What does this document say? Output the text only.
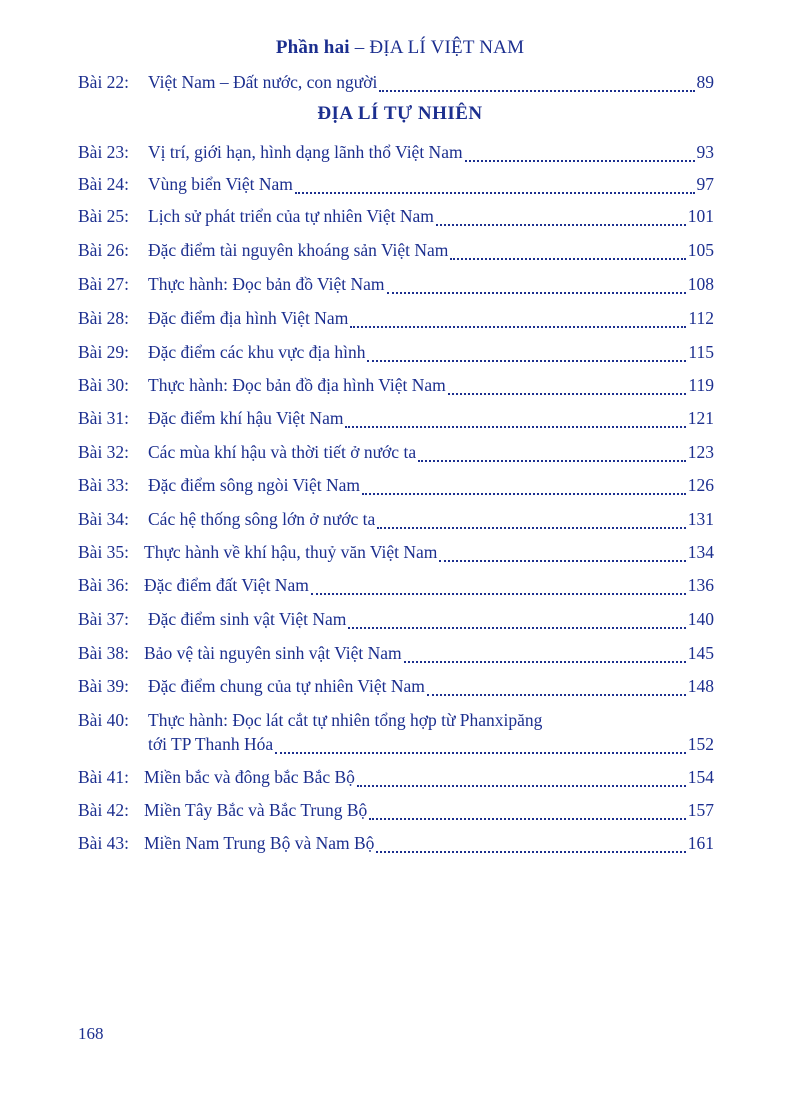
Phần hai – ĐỊA LÍ VIỆT NAM
Bài 22:	Việt Nam – Đất nước, con người	89
ĐỊA LÍ TỰ NHIÊN
Bài 23:	Vị trí, giới hạn, hình dạng lãnh thổ Việt Nam	93
Bài 24:	Vùng biển Việt Nam	97
Bài 25:	Lịch sử phát triển của tự nhiên Việt Nam	101
Bài 26:	Đặc điểm tài nguyên khoáng sản Việt Nam	105
Bài 27:	Thực hành: Đọc bản đồ Việt Nam	108
Bài 28:	Đặc điểm địa hình Việt Nam	112
Bài 29:	Đặc điểm các khu vực địa hình	115
Bài 30:	Thực hành: Đọc bản đồ địa hình Việt Nam	119
Bài 31:	Đặc điểm khí hậu Việt Nam	121
Bài 32:	Các mùa khí hậu và thời tiết ở nước ta	123
Bài 33:	Đặc điểm sông ngòi Việt Nam	126
Bài 34:	Các hệ thống sông lớn ở nước ta	131
Bài 35: Thực hành về khí hậu, thuỷ văn Việt Nam	134
Bài 36: Đặc điểm đất Việt Nam	136
Bài 37:	Đặc điểm sinh vật Việt Nam	140
Bài 38: Bảo vệ tài nguyên sinh vật Việt Nam	145
Bài 39:	Đặc điểm chung của tự nhiên Việt Nam	148
Bài 40:	Thực hành: Đọc lát cắt tự nhiên tổng hợp từ Phanxipăng
tới TP Thanh Hóa	152
Bài 41: Miền bắc và đông bắc Bắc Bộ	154
Bài 42: Miền Tây Bắc và Bắc Trung Bộ	157
Bài 43: Miền Nam Trung Bộ và Nam Bộ	161
168
